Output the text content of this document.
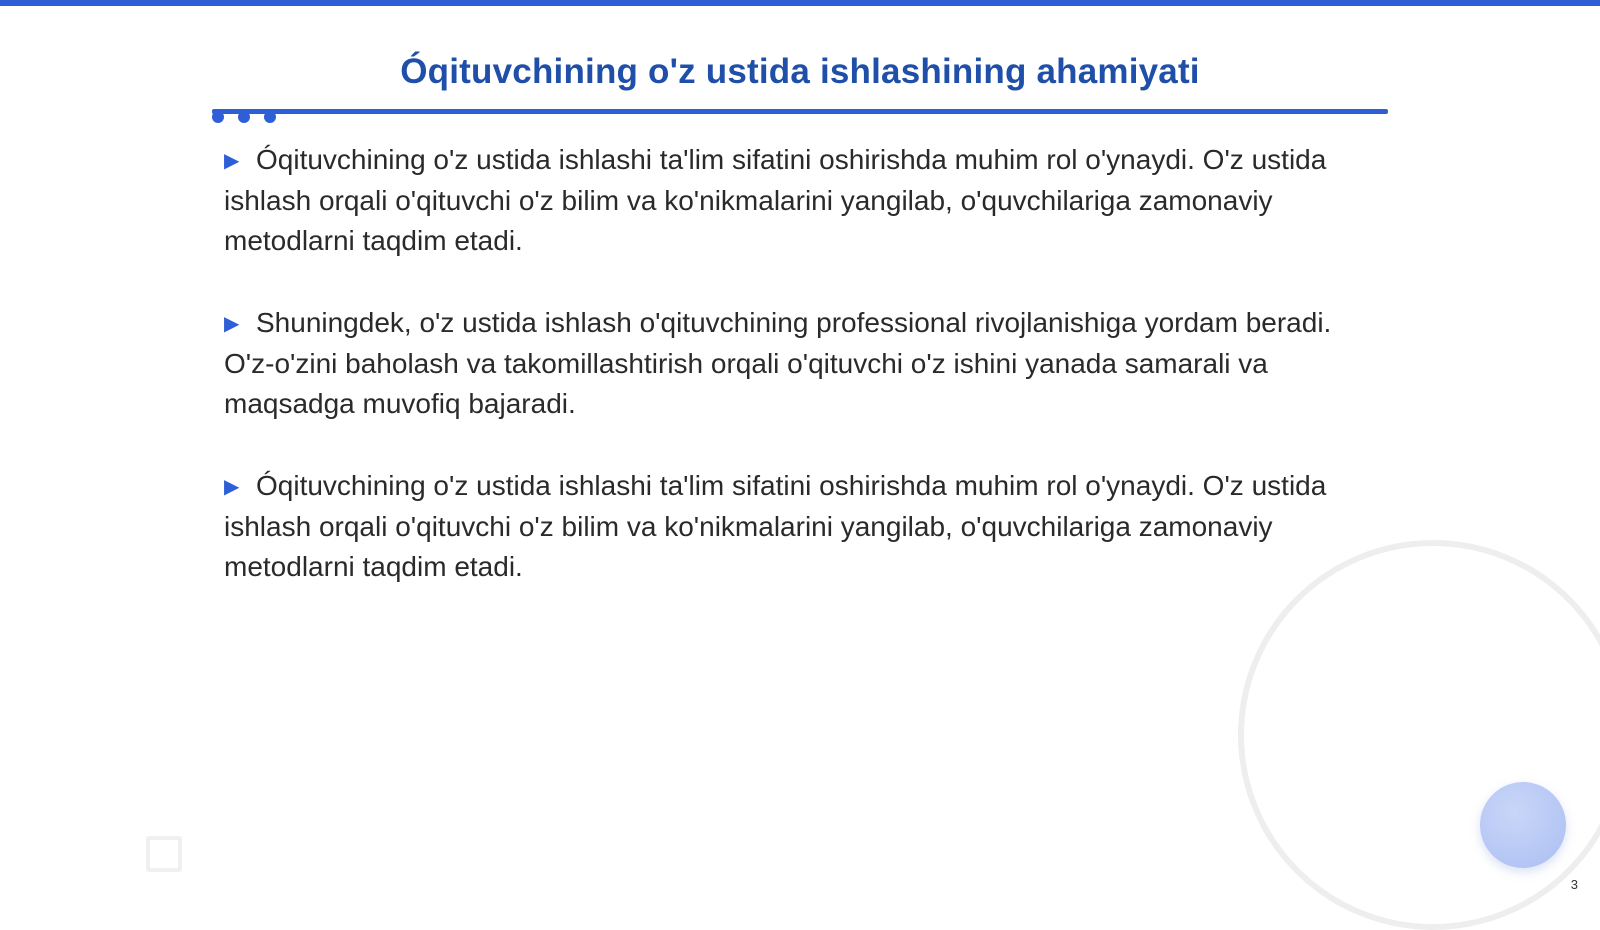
Óqituvchining o'z ustida ishlashining ahamiyati

▶ Óqituvchining o'z ustida ishlashi ta'lim sifatini oshirishda muhim rol o'ynaydi. O'z ustida ishlash orqali o'qituvchi o'z bilim va ko'nikmalarini yangilab, o'quvchilariga zamonaviy metodlarni taqdim etadi.

▶ Shuningdek, o'z ustida ishlash o'qituvchining professional rivojlanishiga yordam beradi. O'z-o'zini baholash va takomillashtirish orqali o'qituvchi o'z ishini yanada samarali va maqsadga muvofiq bajaradi.

▶ Óqituvchining o'z ustida ishlashi ta'lim sifatini oshirishda muhim rol o'ynaydi. O'z ustida ishlash orqali o'qituvchi o'z bilim va ko'nikmalarini yangilab, o'quvchilariga zamonaviy metodlarni taqdim etadi.

3
